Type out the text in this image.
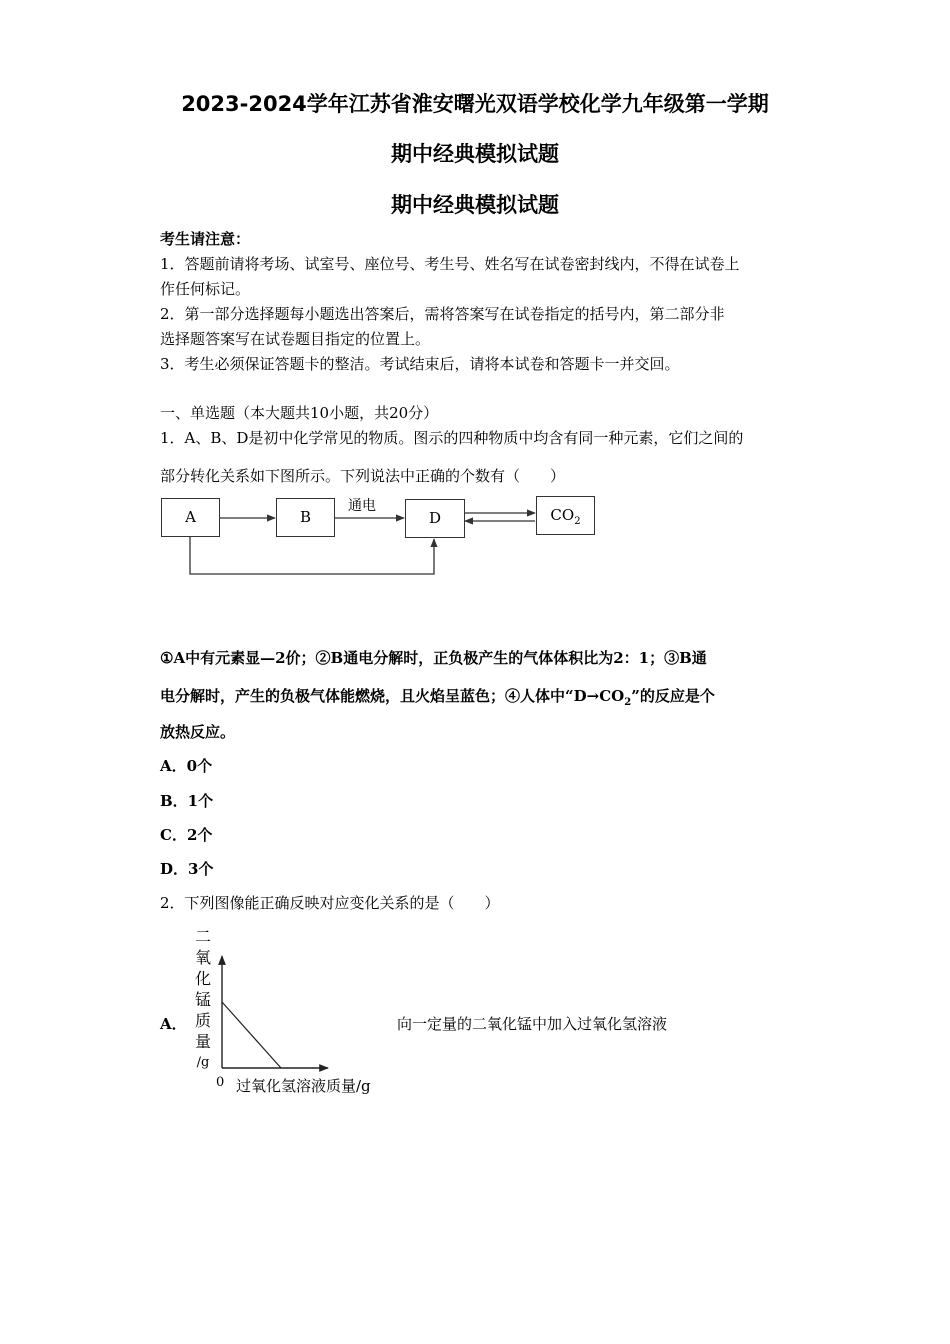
2023-2024学年江苏省淮安曙光双语学校化学九年级第一学期
期中经典模拟试题
期中经典模拟试题
考生请注意：
1．答题前请将考场、试室号、座位号、考生号、姓名写在试卷密封线内，不得在试卷上
作任何标记。
2．第一部分选择题每小题选出答案后，需将答案写在试卷指定的括号内，第二部分非
选择题答案写在试卷题目指定的位置上。
3．考生必须保证答题卡的整洁。考试结束后，请将本试卷和答题卡一并交回。
一、单选题（本大题共10小题，共20分）
1．A、B、D是初中化学常见的物质。图示的四种物质中均含有同一种元素，它们之间的
部分转化关系如下图所示。下列说法中正确的个数有（　　）
A	B	D	$CO_2$
通电
①A中有元素显—2价；②B通电分解时，正负极产生的气体体积比为2：1；③B通
电分解时，产生的负极气体能燃烧，且火焰呈蓝色；④人体中“$D\to CO_2$”的反应是个
放热反应。
A．0个
B．1个
C．2个
D．3个
2．下列图像能正确反映对应变化关系的是（　　）
A．	向一定量的二氧化锰中加入过氧化氢溶液
二
氧
化
锰
质
量
/g
0 过氧化氢溶液质量/g
